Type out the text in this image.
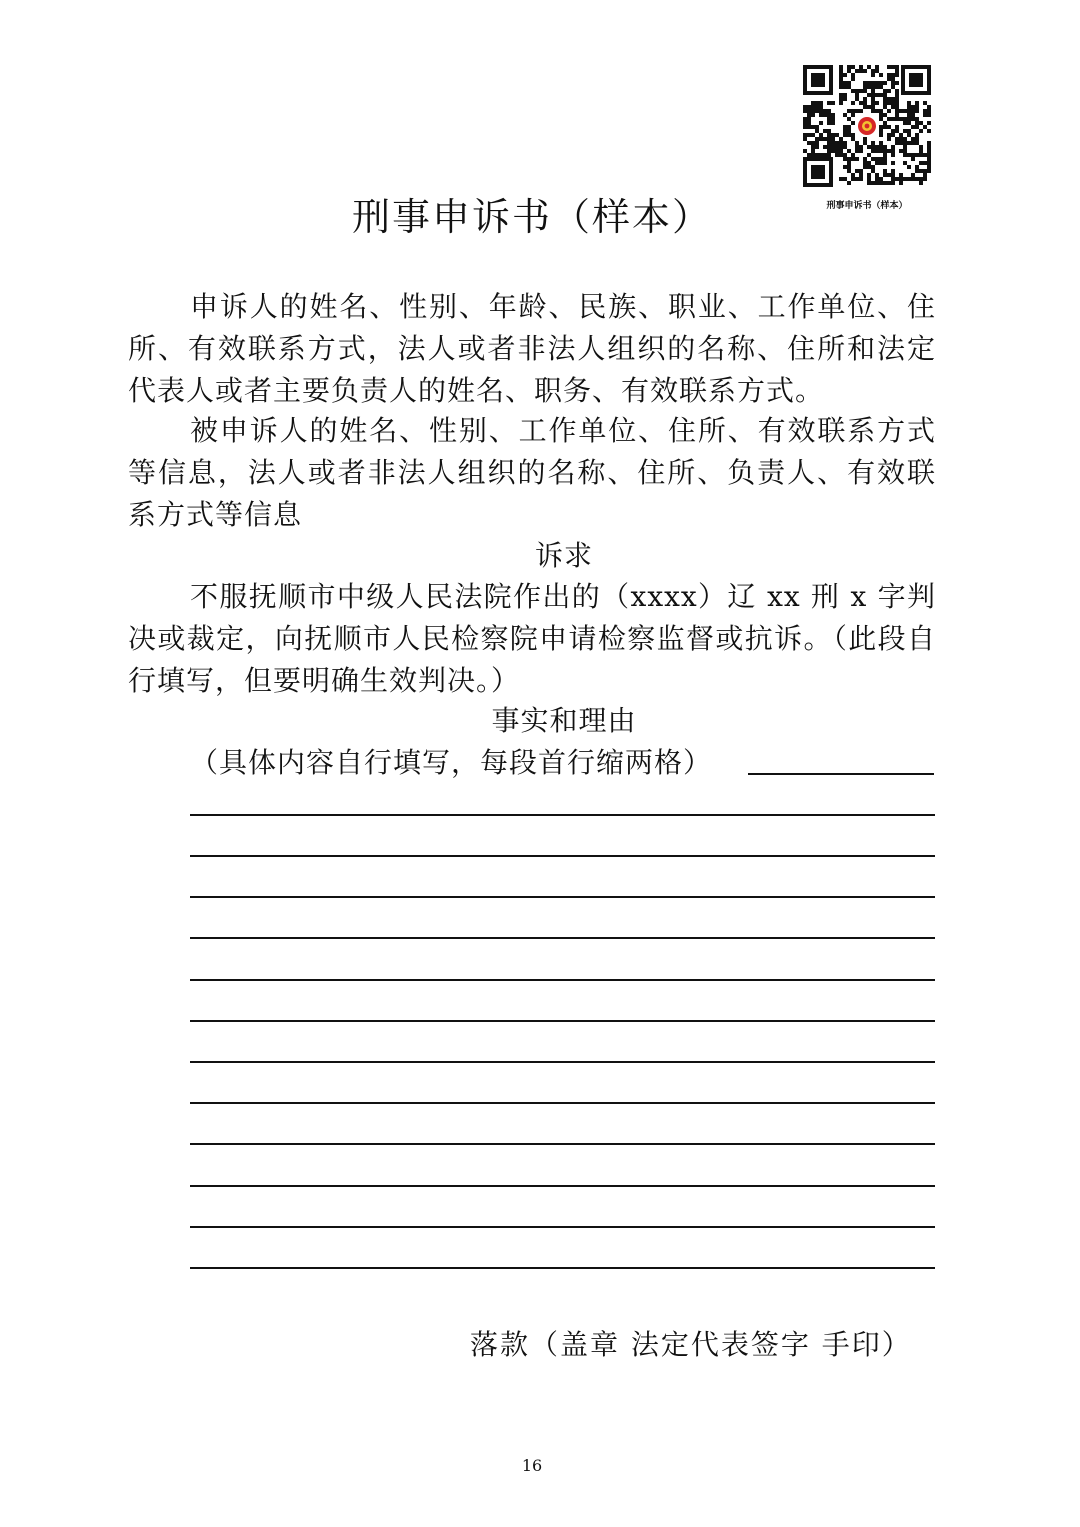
刑事申诉书（样本）
刑事申诉书（样本）
申诉人的姓名、性别、年龄、民族、职业、工作单位、住所、有效联系方式，法人或者非法人组织的名称、住所和法定代表人或者主要负责人的姓名、职务、有效联系方式。
被申诉人的姓名、性别、工作单位、住所、有效联系方式等信息，法人或者非法人组织的名称、住所、负责人、有效联系方式等信息
诉求
不服抚顺市中级人民法院作出的（xxxx）辽 xx 刑 x 字判决或裁定，向抚顺市人民检察院申请检察监督或抗诉。（此段自行填写，但要明确生效判决。）
事实和理由
（具体内容自行填写，每段首行缩两格）
落款（盖章 法定代表签字 手印）
16
